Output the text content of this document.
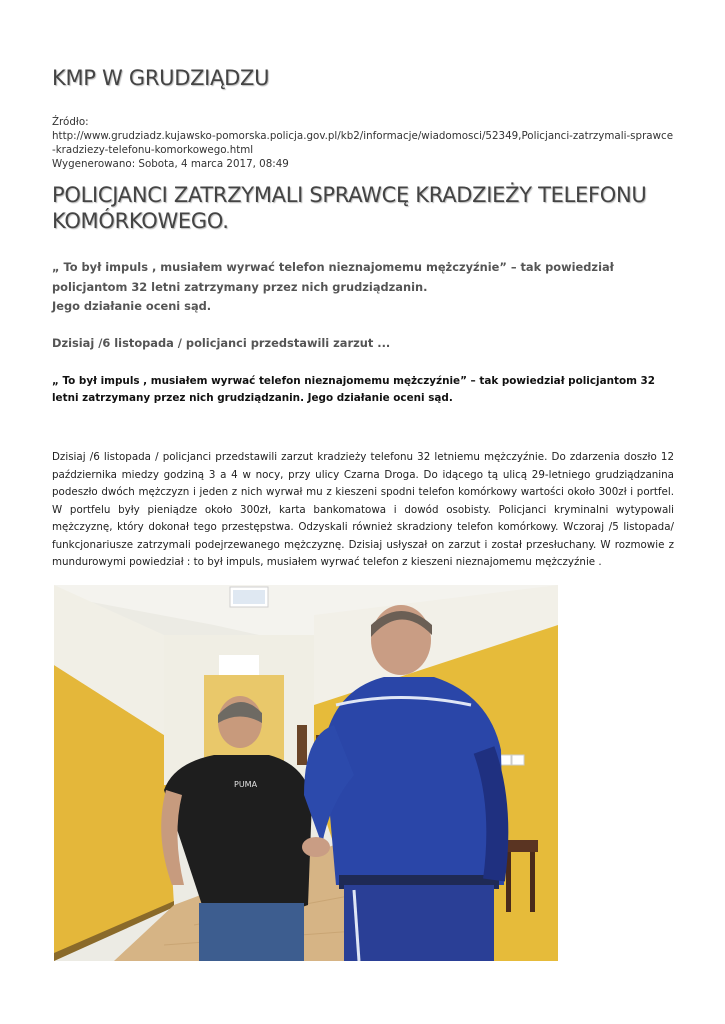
KMP W GRUDZIĄDZU
Źródło:
http://www.grudziadz.kujawsko-pomorska.policja.gov.pl/kb2/informacje/wiadomosci/52349,Policjanci-zatrzymali-sprawce-kradziezy-telefonu-komorkowego.html
Wygenerowano: Sobota, 4 marca 2017, 08:49
POLICJANCI ZATRZYMALI SPRAWCĘ KRADZIEŻY TELEFONU KOMÓRKOWEGO.

„ To był impuls , musiałem wyrwać telefon nieznajomemu mężczyźnie” – tak powiedział policjantom 32 letni zatrzymany przez nich grudziądzanin.

Jego działanie oceni sąd.

Dzisiaj /6 listopada / policjanci przedstawili zarzut ...
„ To był impuls , musiałem wyrwać telefon nieznajomemu mężczyźnie” – tak powiedział policjantom 32 letni zatrzymany przez nich grudziądzanin. Jego działanie oceni sąd.
Dzisiaj /6 listopada / policjanci przedstawili zarzut kradzieży telefonu 32 letniemu mężczyźnie. Do zdarzenia doszło 12 października miedzy godziną 3 a 4 w nocy, przy ulicy Czarna Droga. Do idącego tą ulicą 29-letniego grudziądzanina podeszło dwóch mężczyzn i jeden z nich wyrwał mu z kieszeni spodni telefon komórkowy wartości około 300zł i portfel. W portfelu były pieniądze około 300zł, karta bankomatowa i dowód osobisty. Policjanci kryminalni wytypowali mężczyznę, który dokonał tego przestępstwa. Odzyskali również skradziony telefon komórkowy. Wczoraj /5 listopada/ funkcjonariusze zatrzymali podejrzewanego mężczyznę. Dzisiaj usłyszał on zarzut i został przesłuchany. W rozmowie z mundurowymi powiedział : to był impuls, musiałem wyrwać telefon z kieszeni nieznajomemu mężczyźnie .
PUMA
